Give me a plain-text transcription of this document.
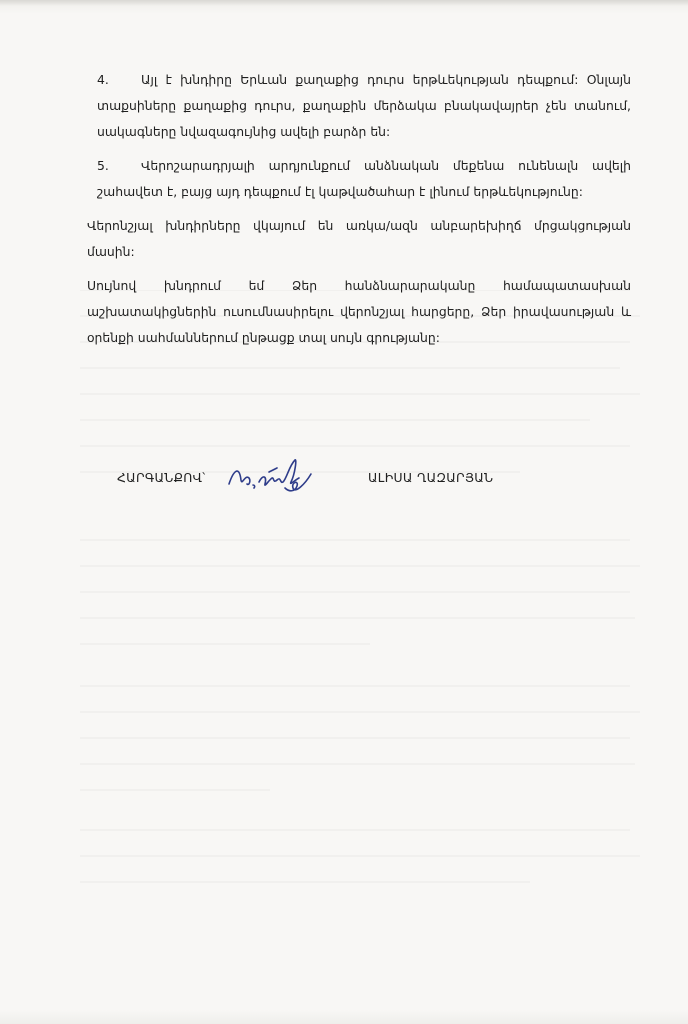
4.	Այլ է խնդիրը Երևան քաղաքից դուրս երթևեկության դեպքում: Օնլայն
տաքսիները քաղաքից դուրս, քաղաքին մերձակա բնակավայրեր չեն տանում,
սակագները նվազագույնից ավելի բարձր են:

5.	Վերոշարադրյալի արդյունքում անձնական մեքենա ունենալն ավելի
շահավետ է, բայց այդ դեպքում էլ կաթվածահար է լինում երթևեկությունը:

Վերոնշյալ խնդիրները վկայում են առկա/ազն անբարեխիղճ մրցակցության
մասին:

Սույնով խնդրում եմ Ձեր հանձնարարականը համապատասխան
աշխատակիցներին ուսումնասիրելու վերոնշյալ հարցերը, Ձեր իրավասության և
օրենքի սահմաններում ընթացք տալ սույն գրությանը:

ՀԱՐԳԱՆՔՈՎ՝	ԱԼԻՍԱ ՂԱԶԱՐՅԱՆ
